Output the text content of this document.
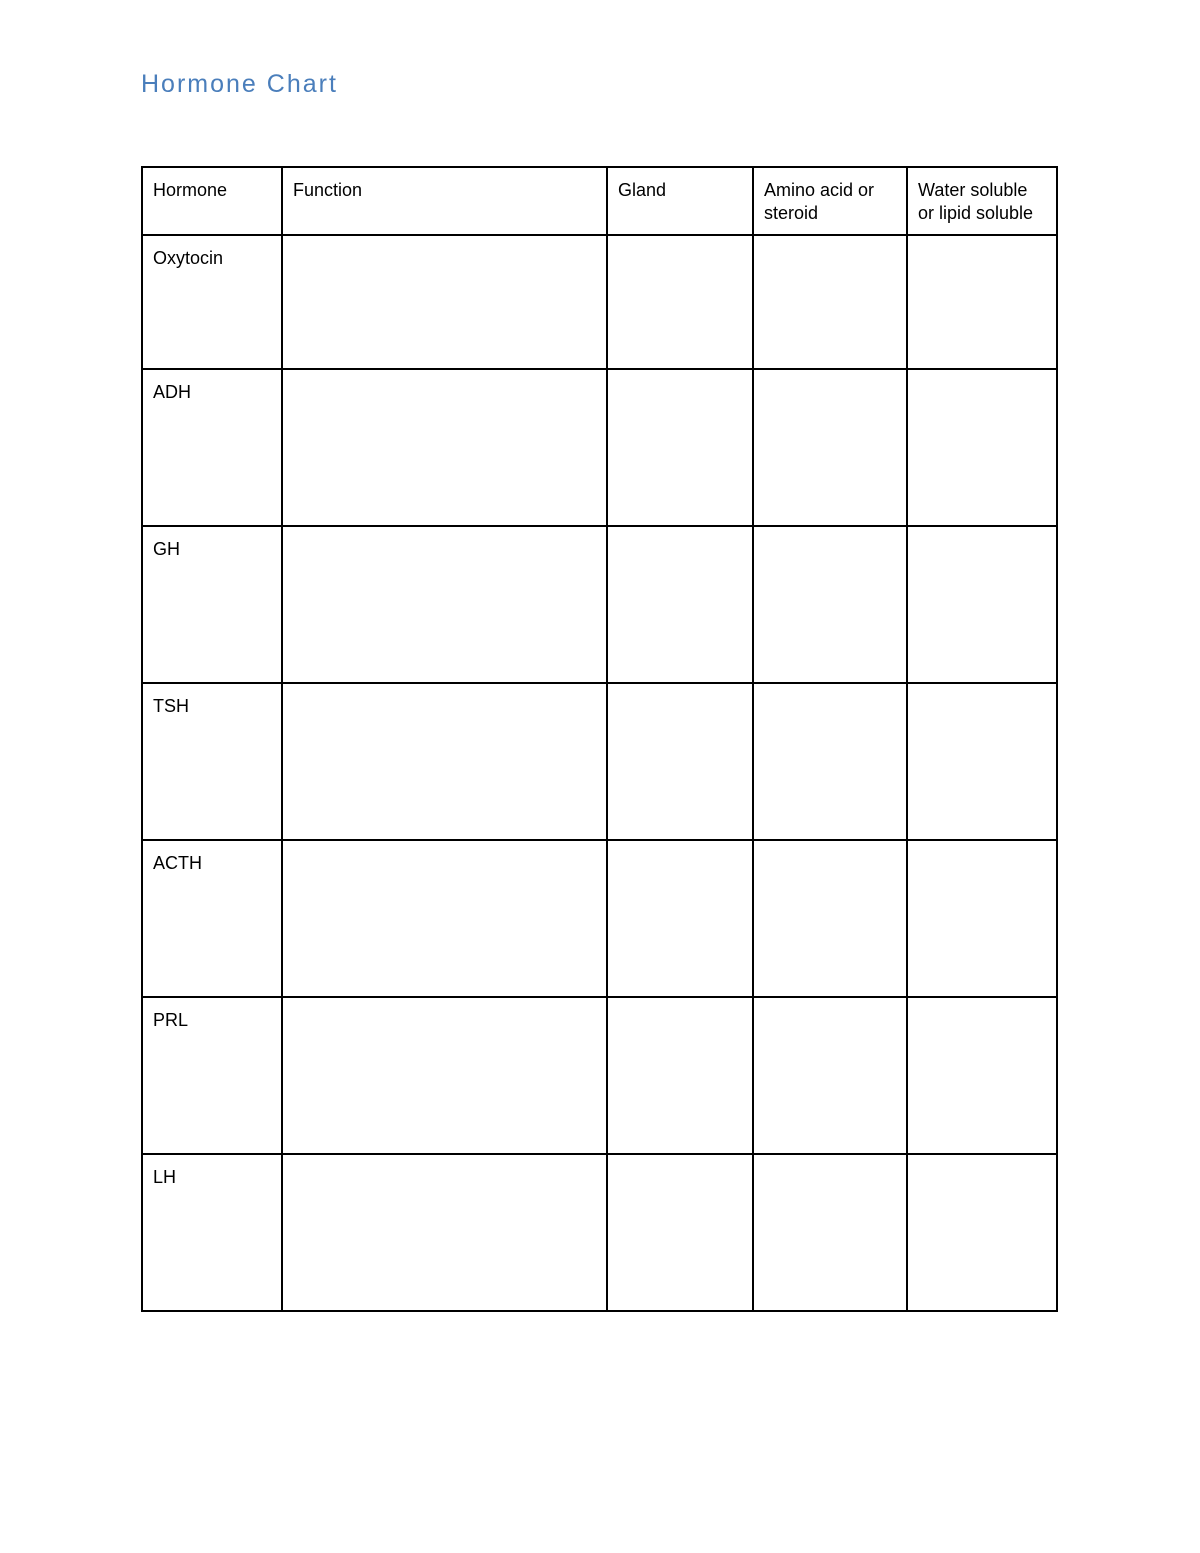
Hormone Chart
Hormone	Function	Gland	Amino acid or steroid	Water soluble or lipid soluble
Oxytocin				
ADH				
GH				
TSH				
ACTH				
PRL				
LH				
